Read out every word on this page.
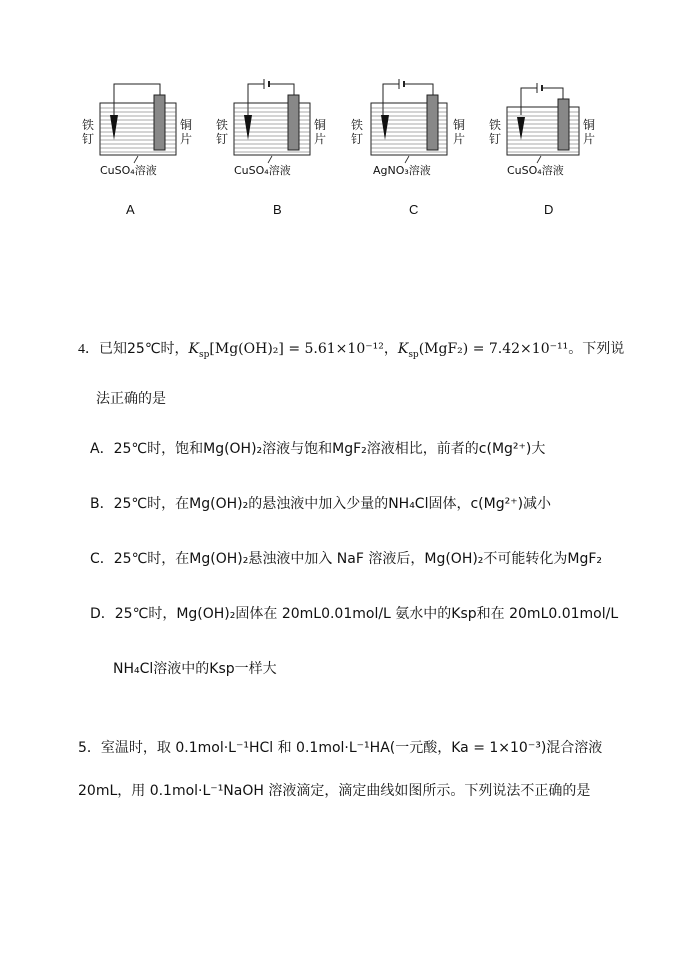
铁钉
铜片
CuSO₄溶液
A
铁钉
铜片
CuSO₄溶液
B
铁钉
铜片
AgNO₃溶液
C
铁钉
铜片
CuSO₄溶液
D
4．已知25℃时，$K_{sp}[Mg(OH)_2] = 5.61\times 10^{-12}$，$K_{sp}(MgF_2) = 7.42\times 10^{-11}$。下列说
法正确的是
A．25℃时，饱和Mg(OH)₂溶液与饱和MgF₂溶液相比，前者的c(Mg²⁺)大
B．25℃时，在Mg(OH)₂的悬浊液中加入少量的NH₄Cl固体，c(Mg²⁺)减小
C．25℃时，在Mg(OH)₂悬浊液中加入 NaF 溶液后，Mg(OH)₂不可能转化为MgF₂
D．25℃时，Mg(OH)₂固体在 20mL0.01mol/L 氨水中的Ksp和在 20mL0.01mol/L
NH₄Cl溶液中的Ksp一样大
5．室温时，取 0.1mol·L⁻¹HCl 和 0.1mol·L⁻¹HA(一元酸，Ka = 1×10⁻³)混合溶液
20mL，用 0.1mol·L⁻¹NaOH 溶液滴定，滴定曲线如图所示。下列说法不正确的是
